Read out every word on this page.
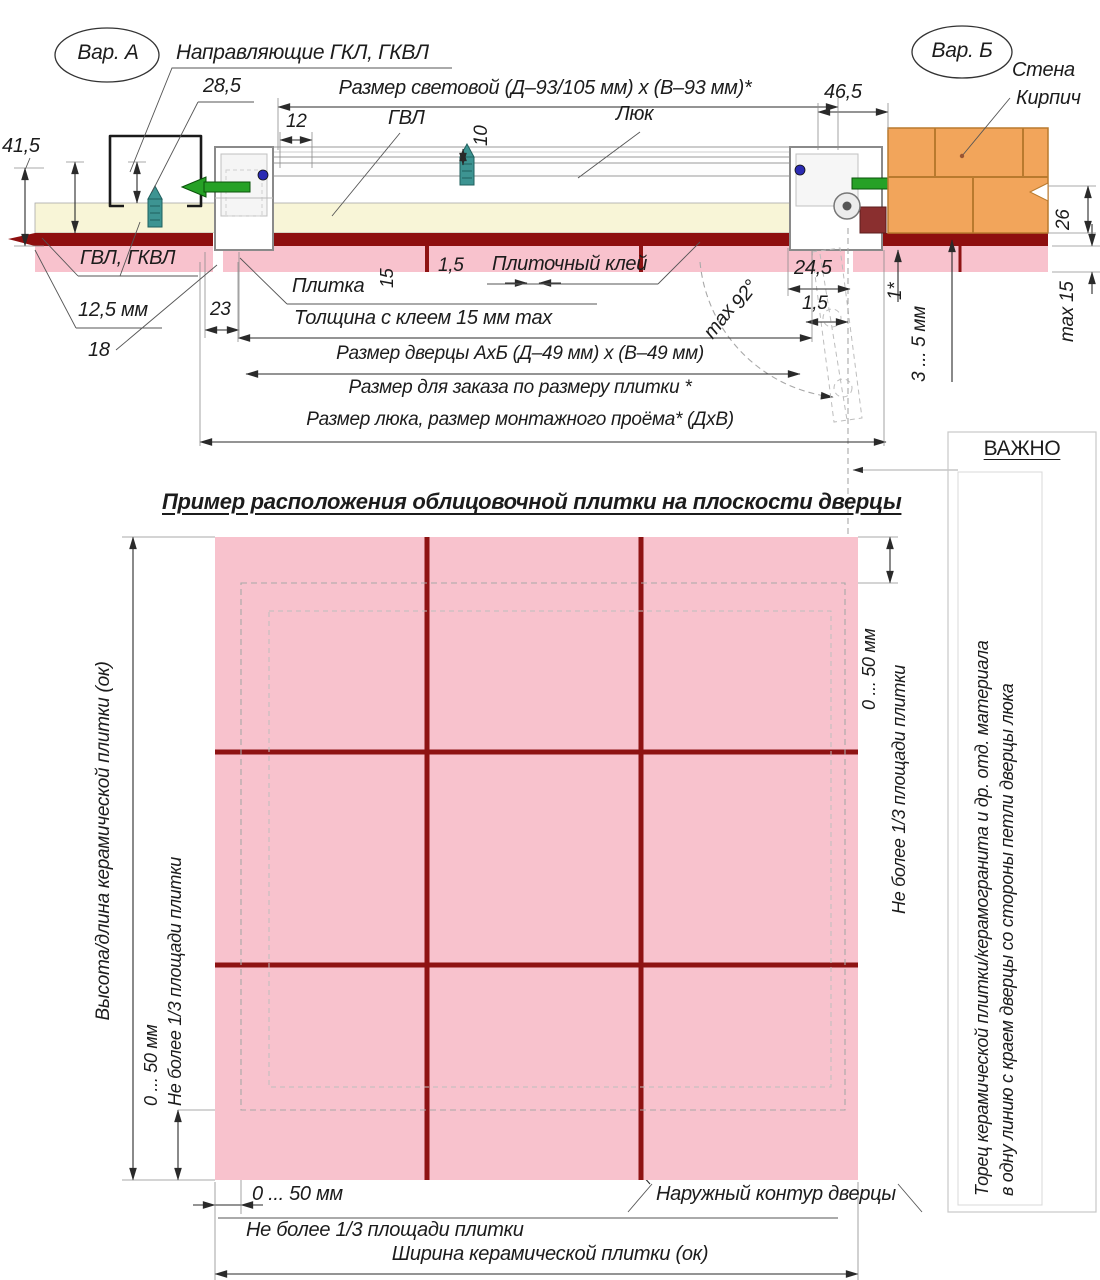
Вар. А	Вар. Б
Направляющие ГКЛ, ГКВЛ
28,5	Размер световой (Д–93/105 мм) х (В–93 мм)*	46,5
Стена
Кирпич
41,5
12	ГВЛ
10
Люк
ГВЛ, ГКВЛ
12,5 мм
18
23
Плитка 15
1,5 Плиточный клей
Толщина с клеем 15 мм max
24,5
92°
max	1,5
1*
3 ... 5 мм
26
max 15
Размер дверцы АхБ (Д–49 мм) х (В–49 мм)
Размер для заказа по размеру плитки *
Размер люка, размер монтажного проёма* (ДхВ)
ВАЖНО
Торец керамической плитки/керамогранита и др. отд. материала в одну линию с краем дверцы со стороны петли дверцы люка
Пример расположения облицовочной плитки на плоскости дверцы
Высота/длина керамической плитки (ок)
0 ... 50 мм Не более 1/3 площади плитки
0 ... 50 мм Не более 1/3 площади плитки
0 ... 50 мм
Не более 1/3 площади плитки
Наружный контур дверцы
Ширина керамической плитки (ок)
